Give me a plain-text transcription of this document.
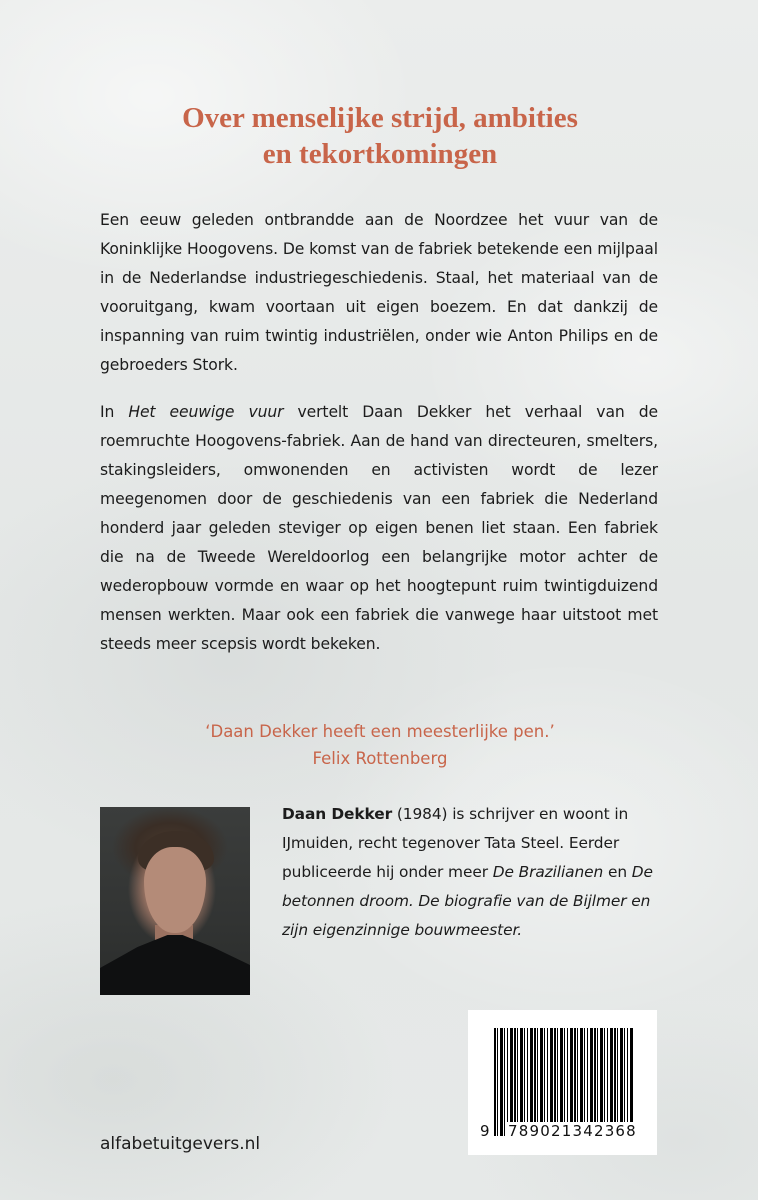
Over menselijke strijd, ambities
en tekortkomingen

Een eeuw geleden ontbrandde aan de Noordzee het vuur van de Koninklijke Hoogovens. De komst van de fabriek betekende een mijlpaal in de Nederlandse industriegeschiedenis. Staal, het materiaal van de vooruitgang, kwam voortaan uit eigen boezem. En dat dankzij de inspanning van ruim twintig industriëlen, onder wie Anton Philips en de gebroeders Stork.

In Het eeuwige vuur vertelt Daan Dekker het verhaal van de roemruchte Hoogovens-fabriek. Aan de hand van directeuren, smelters, stakingsleiders, omwonenden en activisten wordt de lezer meegenomen door de geschiedenis van een fabriek die Nederland honderd jaar geleden steviger op eigen benen liet staan. Een fabriek die na de Tweede Wereldoorlog een belangrijke motor achter de wederopbouw vormde en waar op het hoogtepunt ruim twintigduizend mensen werkten. Maar ook een fabriek die vanwege haar uitstoot met steeds meer scepsis wordt bekeken.

‘Daan Dekker heeft een meesterlijke pen.’
Felix Rottenberg

Daan Dekker (1984) is schrijver en woont in IJmuiden, recht tegenover Tata Steel. Eerder publiceerde hij onder meer De Brazilianen en De betonnen droom. De biografie van de Bijlmer en zijn eigenzinnige bouwmeester.

9 789021342368
alfabetuitgevers.nl
